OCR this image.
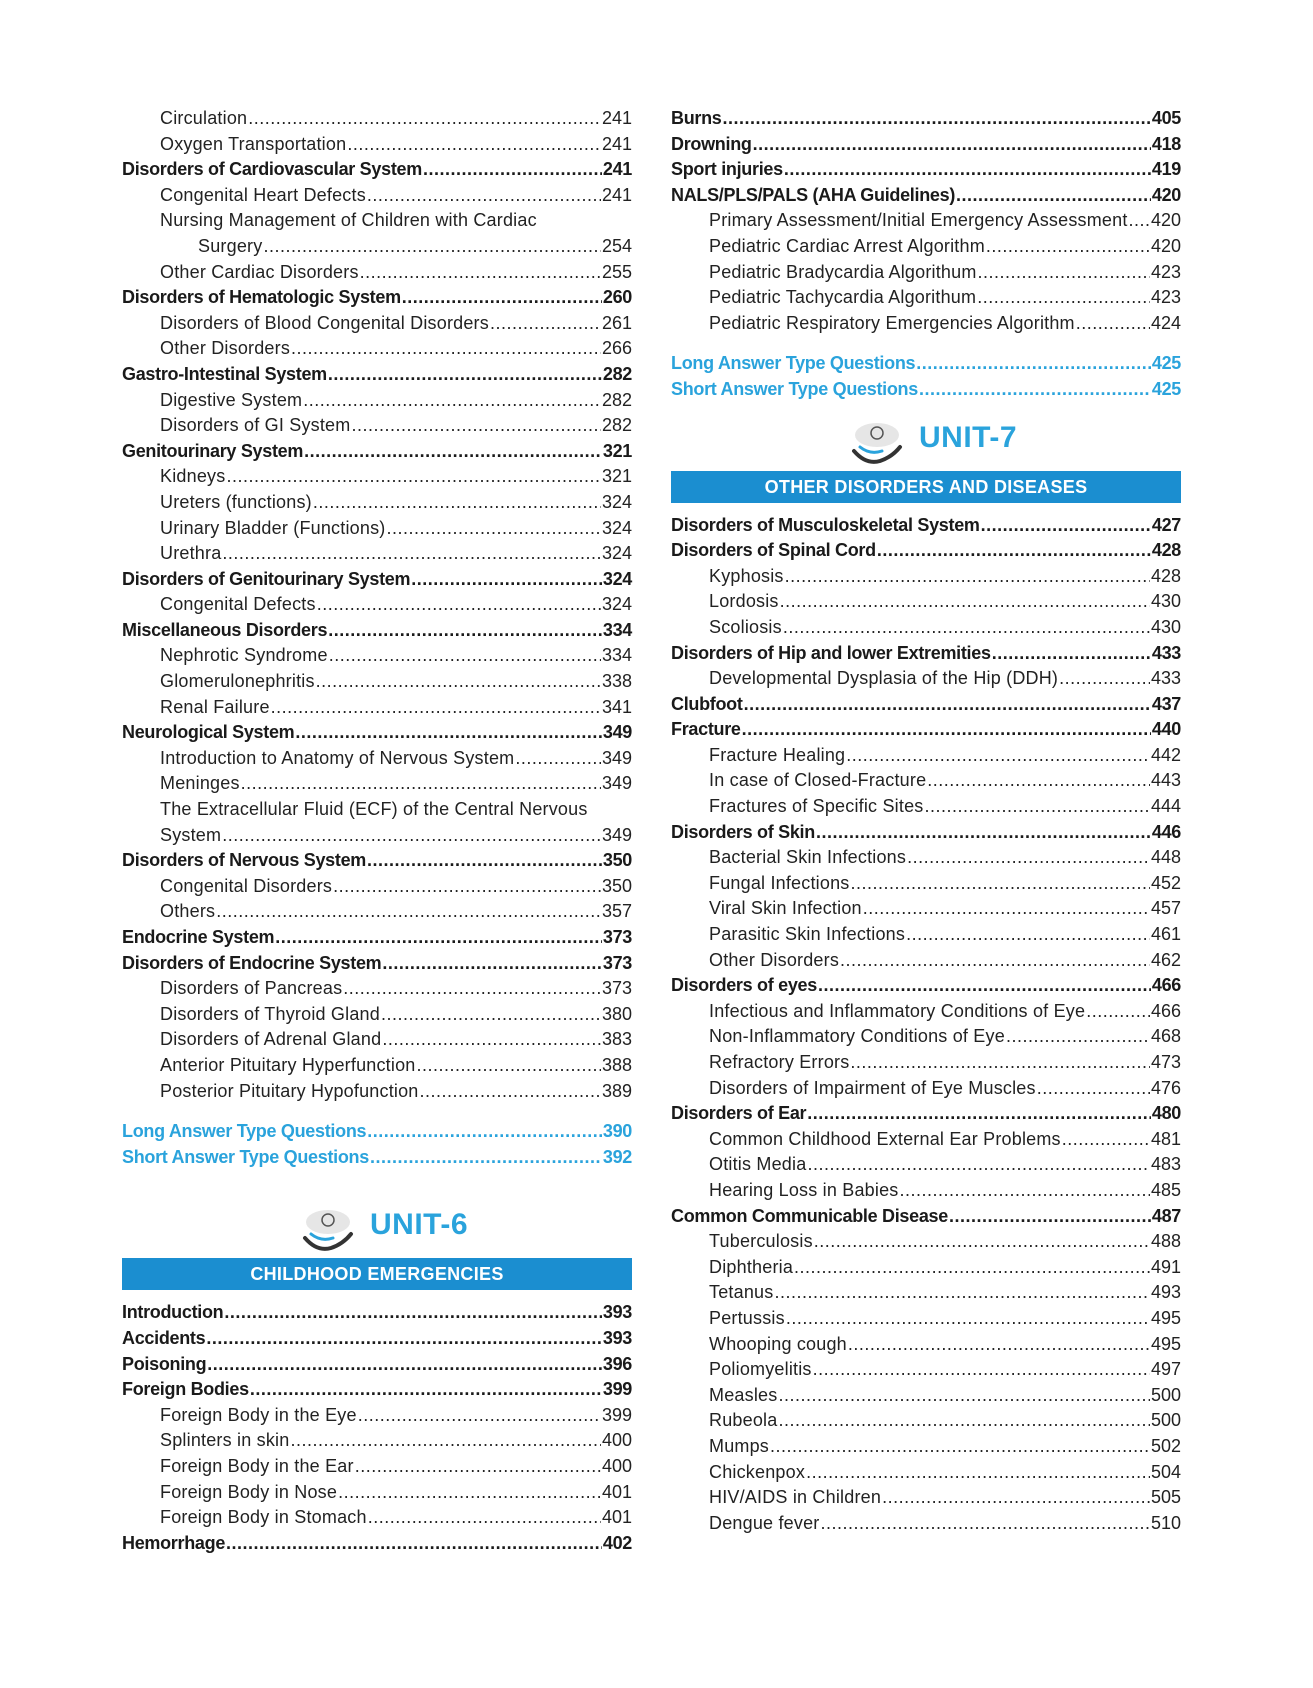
Circulation .....	241
Oxygen Transportation .....	241
Disorders of Cardiovascular System .....	241
Congenital Heart Defects .....	241
Nursing Management of Children with Cardiac
Surgery .....	254
Other Cardiac Disorders .....	255
Disorders of Hematologic System .....	260
Disorders of Blood Congenital Disorders .....	261
Other Disorders .....	266
Gastro-Intestinal System .....	282
Digestive System .....	282
Disorders of GI System .....	282
Genitourinary System .....	321
Kidneys .....	321
Ureters (functions) .....	324
Urinary Bladder (Functions) .....	324
Urethra .....	324
Disorders of Genitourinary System .....	324
Congenital Defects .....	324
Miscellaneous Disorders .....	334
Nephrotic Syndrome .....	334
Glomerulonephritis .....	338
Renal Failure .....	341
Neurological System .....	349
Introduction to Anatomy of Nervous System .....	349
Meninges .....	349
The Extracellular Fluid (ECF) of the Central Nervous
System .....	349
Disorders of Nervous System .....	350
Congenital Disorders .....	350
Others .....	357
Endocrine System .....	373
Disorders of Endocrine System .....	373
Disorders of Pancreas .....	373
Disorders of Thyroid Gland .....	380
Disorders of Adrenal Gland .....	383
Anterior Pituitary Hyperfunction .....	388
Posterior Pituitary Hypofunction .....	389
Long Answer Type Questions .....	390
Short Answer Type Questions .....	392
UNIT-6
CHILDHOOD EMERGENCIES
Introduction .....	393
Accidents .....	393
Poisoning .....	396
Foreign Bodies .....	399
Foreign Body in the Eye .....	399
Splinters in skin .....	400
Foreign Body in the Ear .....	400
Foreign Body in Nose .....	401
Foreign Body in Stomach .....	401
Hemorrhage .....	402
Burns .....	405
Drowning .....	418
Sport injuries .....	419
NALS/PLS/PALS (AHA Guidelines) .....	420
Primary Assessment/Initial Emergency Assessment ..... 420
Pediatric Cardiac Arrest Algorithm .....	420
Pediatric Bradycardia Algorithum .....	423
Pediatric Tachycardia Algorithum .....	423
Pediatric Respiratory Emergencies Algorithm .....	424
Long Answer Type Questions .....	425
Short Answer Type Questions .....	425
UNIT-7
OTHER DISORDERS AND DISEASES
Disorders of Musculoskeletal System .....	427
Disorders of Spinal Cord .....	428
Kyphosis .....	428
Lordosis .....	430
Scoliosis .....	430
Disorders of Hip and lower Extremities .....	433
Developmental Dysplasia of the Hip (DDH) .....	433
Clubfoot .....	437
Fracture .....	440
Fracture Healing .....	442
In case of Closed-Fracture .....	443
Fractures of Specific Sites .....	444
Disorders of Skin .....	446
Bacterial Skin Infections .....	448
Fungal Infections .....	452
Viral Skin Infection .....	457
Parasitic Skin Infections .....	461
Other Disorders .....	462
Disorders of eyes .....	466
Infectious and Inflammatory Conditions of Eye .....	466
Non-Inflammatory Conditions of Eye .....	468
Refractory Errors .....	473
Disorders of Impairment of Eye Muscles .....	476
Disorders of Ear .....	480
Common Childhood External Ear Problems .....	481
Otitis Media .....	483
Hearing Loss in Babies .....	485
Common Communicable Disease .....	487
Tuberculosis .....	488
Diphtheria .....	491
Tetanus .....	493
Pertussis .....	495
Whooping cough .....	495
Poliomyelitis .....	497
Measles .....	500
Rubeola .....	500
Mumps .....	502
Chickenpox .....	504
HIV/AIDS in Children .....	505
Dengue fever .....	510
